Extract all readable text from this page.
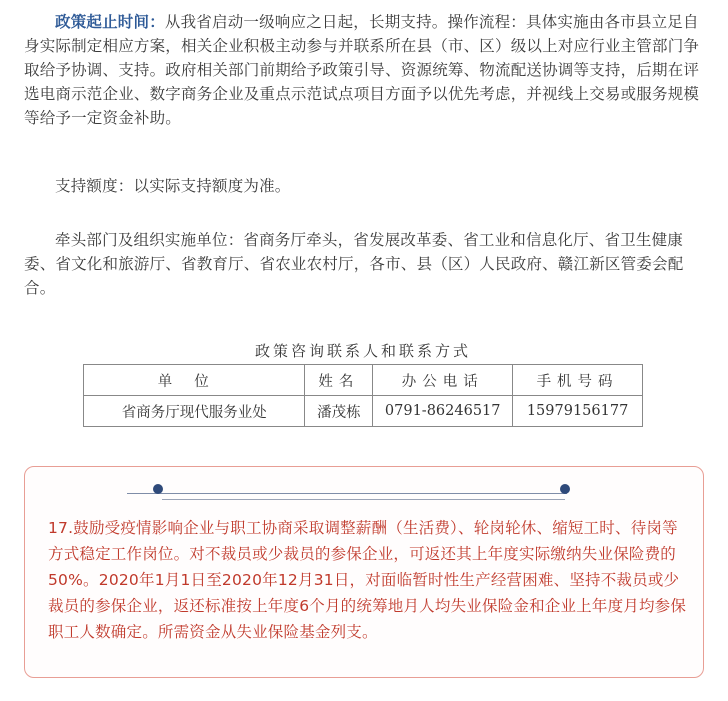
政策起止时间：从我省启动一级响应之日起，长期支持。操作流程：具体实施由各市县立足自身实际制定相应方案，相关企业积极主动参与并联系所在县（市、区）级以上对应行业主管部门争取给予协调、支持。政府相关部门前期给予政策引导、资源统筹、物流配送协调等支持，后期在评选电商示范企业、数字商务企业及重点示范试点项目方面予以优先考虑，并视线上交易或服务规模等给予一定资金补助。

支持额度：以实际支持额度为准。

牵头部门及组织实施单位：省商务厅牵头，省发展改革委、省工业和信息化厅、省卫生健康委、省文化和旅游厅、省教育厅、省农业农村厅，各市、县（区）人民政府、赣江新区管委会配合。

政策咨询联系人和联系方式
单位	姓名	办公电话	手机号码
省商务厅现代服务业处	潘茂栋	0791-86246517	15979156177

17.鼓励受疫情影响企业与职工协商采取调整薪酬（生活费）、轮岗轮休、缩短工时、待岗等方式稳定工作岗位。对不裁员或少裁员的参保企业，可返还其上年度实际缴纳失业保险费的50%。2020年1月1日至2020年12月31日，对面临暂时性生产经营困难、坚持不裁员或少裁员的参保企业，返还标准按上年度6个月的统筹地月人均失业保险金和企业上年度月均参保职工人数确定。所需资金从失业保险基金列支。
